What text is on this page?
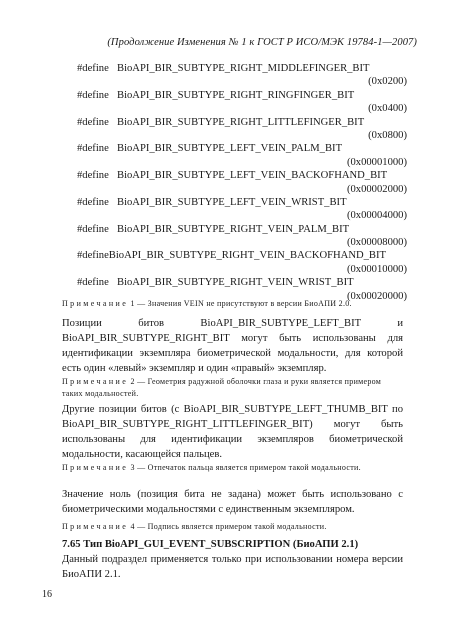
(Продолжение Изменения № 1 к ГОСТ Р ИСО/МЭК 19784-1—2007)
#define BioAPI_BIR_SUBTYPE_RIGHT_MIDDLEFINGER_BIT
(0x0200)
#define BioAPI_BIR_SUBTYPE_RIGHT_RINGFINGER_BIT
(0x0400)
#define BioAPI_BIR_SUBTYPE_RIGHT_LITTLEFINGER_BIT
(0x0800)
#define BioAPI_BIR_SUBTYPE_LEFT_VEIN_PALM_BIT
(0x00001000)
#define BioAPI_BIR_SUBTYPE_LEFT_VEIN_BACKOFHAND_BIT
(0x00002000)
#define BioAPI_BIR_SUBTYPE_LEFT_VEIN_WRIST_BIT
(0x00004000)
#define BioAPI_BIR_SUBTYPE_RIGHT_VEIN_PALM_BIT
(0x00008000)
#defineBioAPI_BIR_SUBTYPE_RIGHT_VEIN_BACKOFHAND_BIT
(0x00010000)
#define BioAPI_BIR_SUBTYPE_RIGHT_VEIN_WRIST_BIT
(0x00020000)
Примечание 1 — Значения VEIN не присутствуют в версии БиоАПИ 2.0.
Позиции битов BioAPI_BIR_SUBTYPE_LEFT_BIT и BioAPI_BIR_SUBTYPE_RIGHT_BIT могут быть использованы для идентификации экземпляра биометрической модальности, для которой есть один «левый» экземпляр и один «правый» экземпляр.
Примечание 2 — Геометрия радужной оболочки глаза и руки является примером таких модальностей.
Другие позиции битов (с BioAPI_BIR_SUBTYPE_LEFT_THUMB_BIT по BioAPI_BIR_SUBTYPE_RIGHT_LITTLEFINGER_BIT) могут быть использованы для идентификации экземпляров биометрической модальности, касающейся пальцев.
Примечание 3 — Отпечаток пальца является примером такой модальности.
Значение ноль (позиция бита не задана) может быть использовано с биометрическими модальностями с единственным экземпляром.
Примечание 4 — Подпись является примером такой модальности.
7.65 Тип BioAPI_GUI_EVENT_SUBSCRIPTION (БиоАПИ 2.1)
Данный подраздел применяется только при использовании номера версии БиоАПИ 2.1.
16
